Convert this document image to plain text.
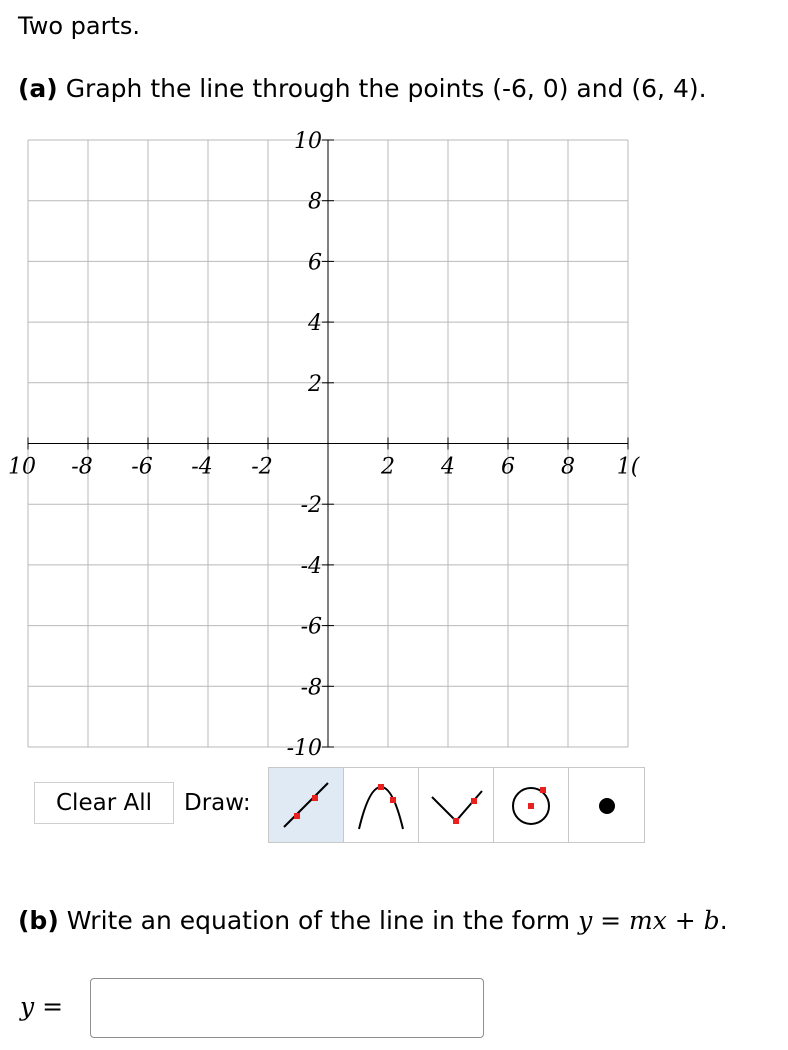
Two parts.
(a) Graph the line through the points (-6, 0) and (6, 4).
10 -8 -6 -4 -2	2 4 6 8 1(
10
8
6
4
2
-2
-4
-6
-8
-10
Clear All	Draw:
(b) Write an equation of the line in the form y = mx + b.
y =
